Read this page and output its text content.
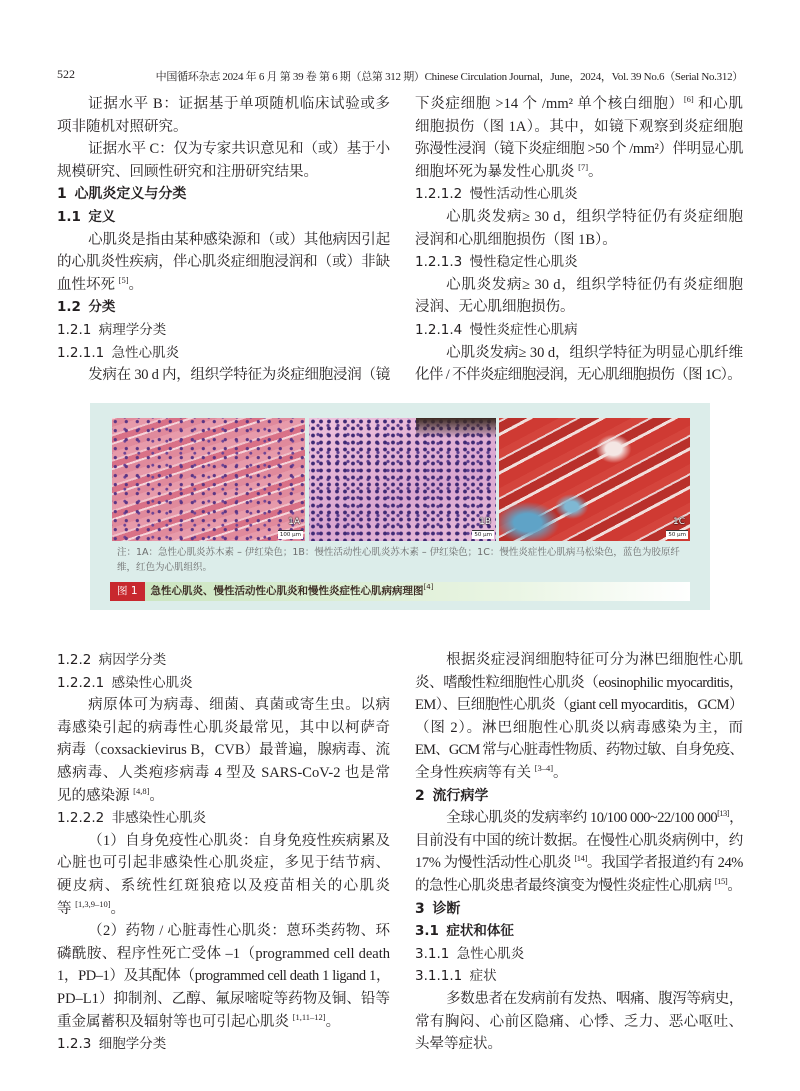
522	中国循环杂志 2024 年 6 月 第 39 卷 第 6 期（总第 312 期）Chinese Circulation Journal，June，2024，Vol. 39 No.6（Serial No.312）
证据水平 B：证据基于单项随机临床试验或多
项非随机对照研究。
证据水平 C：仅为专家共识意见和（或）基于小
规模研究、回顾性研究和注册研究结果。
1 心肌炎定义与分类
1.1 定义
心肌炎是指由某种感染源和（或）其他病因引起
的心肌炎性疾病，伴心肌炎症细胞浸润和（或）非缺
血性坏死 [5]。
1.2 分类
1.2.1 病理学分类
1.2.1.1 急性心肌炎
发病在 30 d 内，组织学特征为炎症细胞浸润（镜
下炎症细胞 >14 个 /mm² 单个核白细胞）[6] 和心肌
细胞损伤（图 1A）。其中，如镜下观察到炎症细胞
弥漫性浸润（镜下炎症细胞 >50 个 /mm²）伴明显心肌
细胞坏死为暴发性心肌炎 [7]。
1.2.1.2 慢性活动性心肌炎
心肌炎发病≥ 30 d，组织学特征仍有炎症细胞
浸润和心肌细胞损伤（图 1B）。
1.2.1.3 慢性稳定性心肌炎
心肌炎发病≥ 30 d，组织学特征仍有炎症细胞
浸润、无心肌细胞损伤。
1.2.1.4 慢性炎症性心肌病
心肌炎发病≥ 30 d，组织学特征为明显心肌纤维
化伴 / 不伴炎症细胞浸润，无心肌细胞损伤（图 1C）。
1A
100 μm
1B
50 μm
1C
50 μm
注：1A：急性心肌炎苏木素 – 伊红染色；1B：慢性活动性心肌炎苏木素 – 伊红染色；1C：慢性炎症性心肌病马松染色，蓝色为胶原纤
维，红色为心肌组织。
图 1 急性心肌炎、慢性活动性心肌炎和慢性炎症性心肌病病理图[4]
1.2.2 病因学分类
1.2.2.1 感染性心肌炎
病原体可为病毒、细菌、真菌或寄生虫。以病
毒感染引起的病毒性心肌炎最常见，其中以柯萨奇
病毒（coxsackievirus B，CVB）最普遍，腺病毒、流
感病毒、人类疱疹病毒 4 型及 SARS-CoV-2 也是常
见的感染源 [4,8]。
1.2.2.2 非感染性心肌炎
（1）自身免疫性心肌炎：自身免疫性疾病累及
心脏也可引起非感染性心肌炎症，多见于结节病、
硬皮病、系统性红斑狼疮以及疫苗相关的心肌炎
等 [1,3,9–10]。
（2）药物 / 心脏毒性心肌炎：蒽环类药物、环
磷酰胺、程序性死亡受体 –1（programmed cell death
1，PD–1）及其配体（programmed cell death 1 ligand 1，
PD–L1）抑制剂、乙醇、氟尿嘧啶等药物及铜、铅等
重金属蓄积及辐射等也可引起心肌炎 [1,11–12]。
1.2.3 细胞学分类
根据炎症浸润细胞特征可分为淋巴细胞性心肌
炎、嗜酸性粒细胞性心肌炎（eosinophilic myocarditis，
EM）、巨细胞性心肌炎（giant cell myocarditis，GCM）
（图 2）。淋巴细胞性心肌炎以病毒感染为主，而
EM、GCM 常与心脏毒性物质、药物过敏、自身免疫、
全身性疾病等有关 [3–4]。
2 流行病学
全球心肌炎的发病率约 10/100 000~22/100 000[13]，
目前没有中国的统计数据。在慢性心肌炎病例中，约
17% 为慢性活动性心肌炎 [14]。我国学者报道约有 24%
的急性心肌炎患者最终演变为慢性炎症性心肌病 [15]。
3 诊断
3.1 症状和体征
3.1.1 急性心肌炎
3.1.1.1 症状
多数患者在发病前有发热、咽痛、腹泻等病史，
常有胸闷、心前区隐痛、心悸、乏力、恶心呕吐、
头晕等症状。
